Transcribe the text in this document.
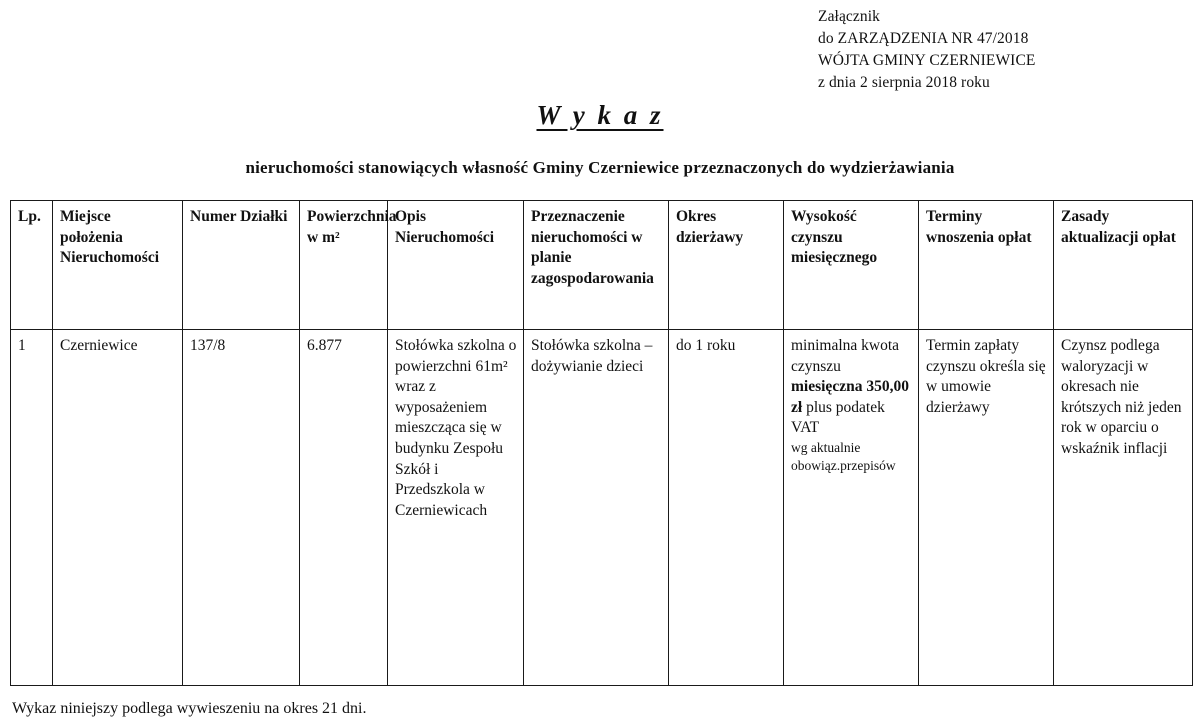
Załącznik
do ZARZĄDZENIA NR 47/2018
WÓJTA GMINY CZERNIEWICE
z dnia 2 sierpnia 2018 roku
W y k a z
nieruchomości stanowiących własność Gminy Czerniewice przeznaczonych do wydzierżawiania
Lp.	Miejsce położenia Nieruchomości	Numer Działki	Powierzchnia w m²	Opis Nieruchomości	Przeznaczenie nieruchomości w planie zagospodarowania	Okres dzierżawy	Wysokość czynszu miesięcznego	Terminy wnoszenia opłat	Zasady aktualizacji opłat
1	Czerniewice	137/8	6.877	Stołówka szkolna o powierzchni 61m² wraz z wyposażeniem mieszcząca się w budynku Zespołu Szkół i Przedszkola w Czerniewicach	Stołówka szkolna – dożywianie dzieci	do 1 roku	minimalna kwota czynszu miesięczna 350,00 zł plus podatek VAT
wg aktualnie obowiąz.przepisów	Termin zapłaty czynszu określa się w umowie dzierżawy	Czynsz podlega waloryzacji w okresach nie krótszych niż jeden rok w oparciu o wskaźnik inflacji
Wykaz niniejszy podlega wywieszeniu na okres 21 dni.
